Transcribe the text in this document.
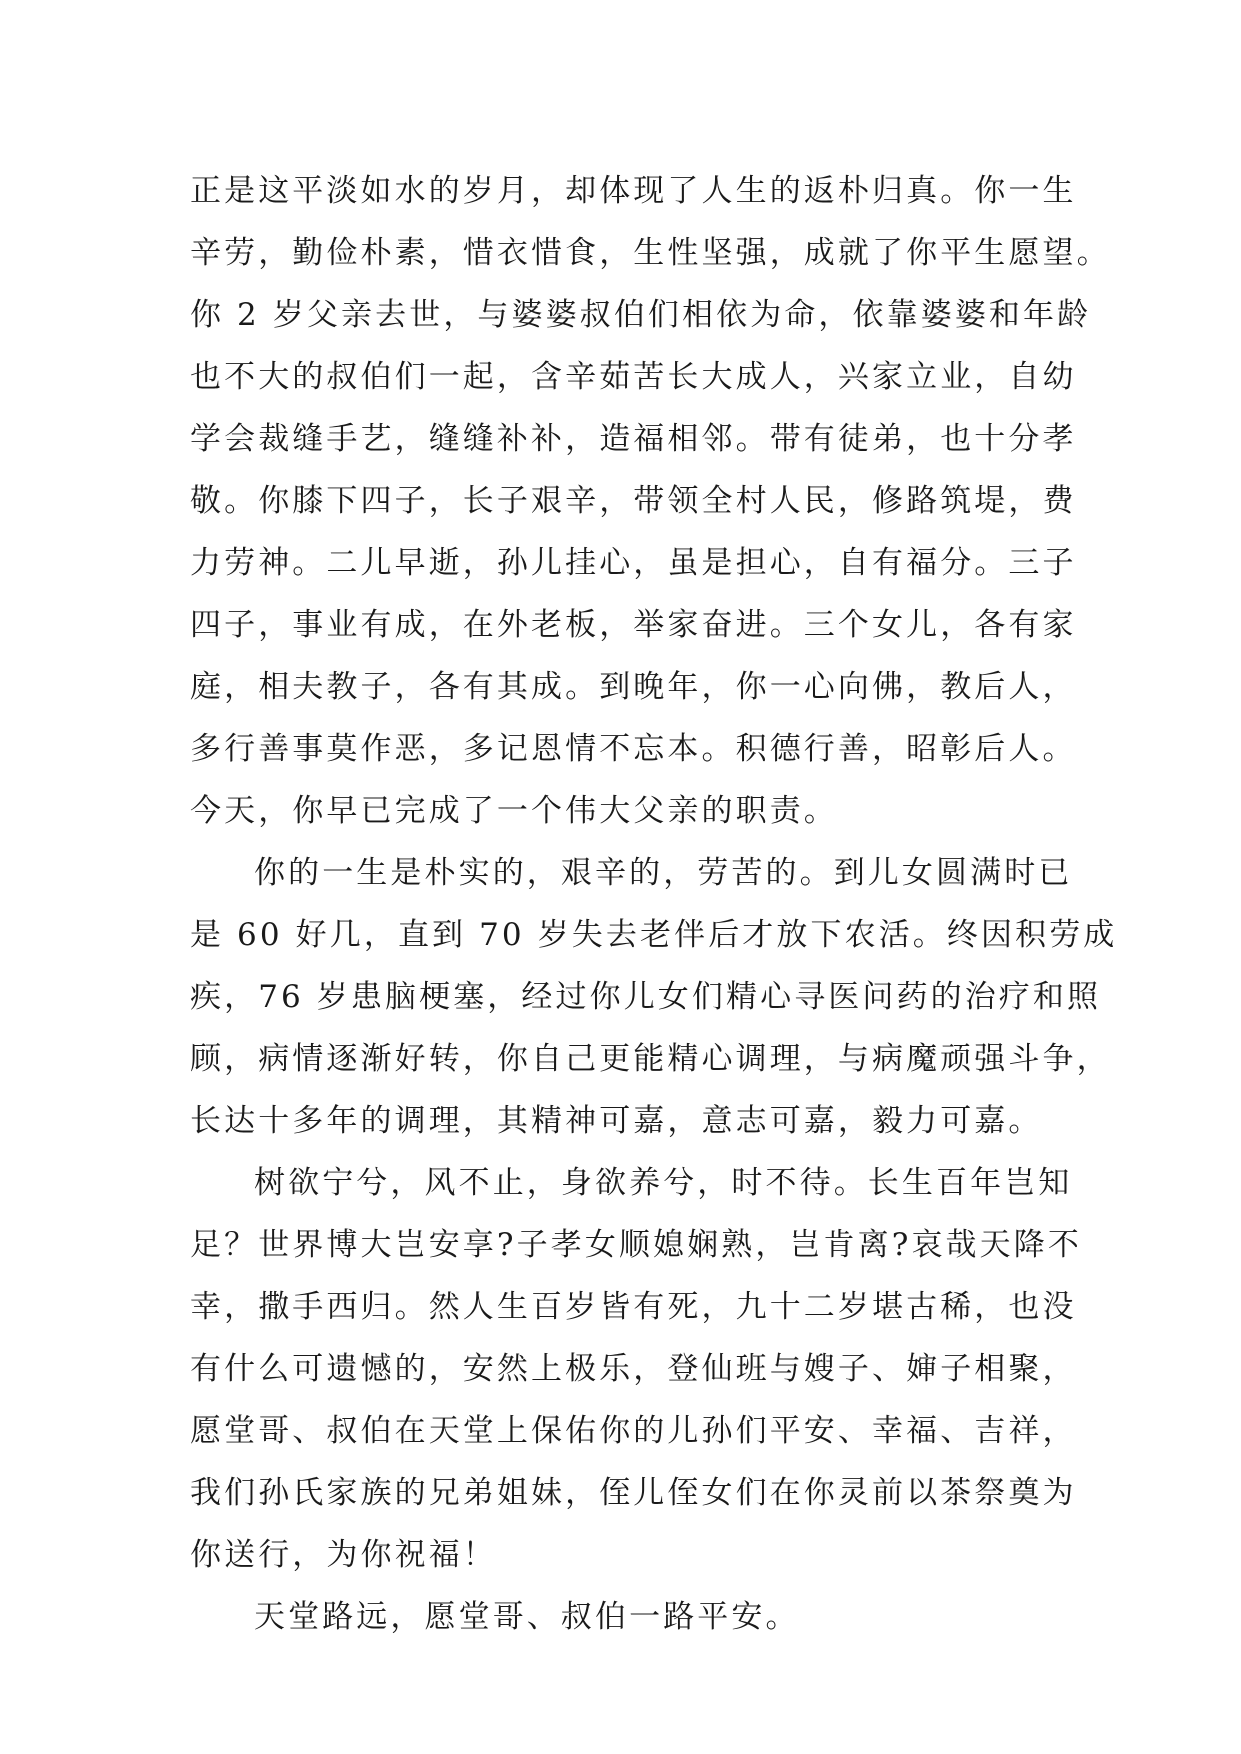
正是这平淡如水的岁月，却体现了人生的返朴归真。你一生
辛劳，勤俭朴素，惜衣惜食，生性坚强，成就了你平生愿望。
你 2 岁父亲去世，与婆婆叔伯们相依为命，依靠婆婆和年龄
也不大的叔伯们一起，含辛茹苦长大成人，兴家立业，自幼
学会裁缝手艺，缝缝补补，造福相邻。带有徒弟，也十分孝
敬。你膝下四子，长子艰辛，带领全村人民，修路筑堤，费
力劳神。二儿早逝，孙儿挂心，虽是担心，自有福分。三子
四子，事业有成，在外老板，举家奋进。三个女儿，各有家
庭，相夫教子，各有其成。到晚年，你一心向佛，教后人，
多行善事莫作恶，多记恩情不忘本。积德行善，昭彰后人。
今天，你早已完成了一个伟大父亲的职责。
你的一生是朴实的，艰辛的，劳苦的。到儿女圆满时已
是 60 好几，直到 70 岁失去老伴后才放下农活。终因积劳成
疾，76 岁患脑梗塞，经过你儿女们精心寻医问药的治疗和照
顾，病情逐渐好转，你自己更能精心调理，与病魔顽强斗争，
长达十多年的调理，其精神可嘉，意志可嘉，毅力可嘉。
树欲宁兮，风不止，身欲养兮，时不待。长生百年岂知
足？世界博大岂安享?子孝女顺媳娴熟，岂肯离?哀哉天降不
幸，撒手西归。然人生百岁皆有死，九十二岁堪古稀，也没
有什么可遗憾的，安然上极乐，登仙班与嫂子、婶子相聚，
愿堂哥、叔伯在天堂上保佑你的儿孙们平安、幸福、吉祥，
我们孙氏家族的兄弟姐妹，侄儿侄女们在你灵前以茶祭奠为
你送行，为你祝福！
天堂路远，愿堂哥、叔伯一路平安。
